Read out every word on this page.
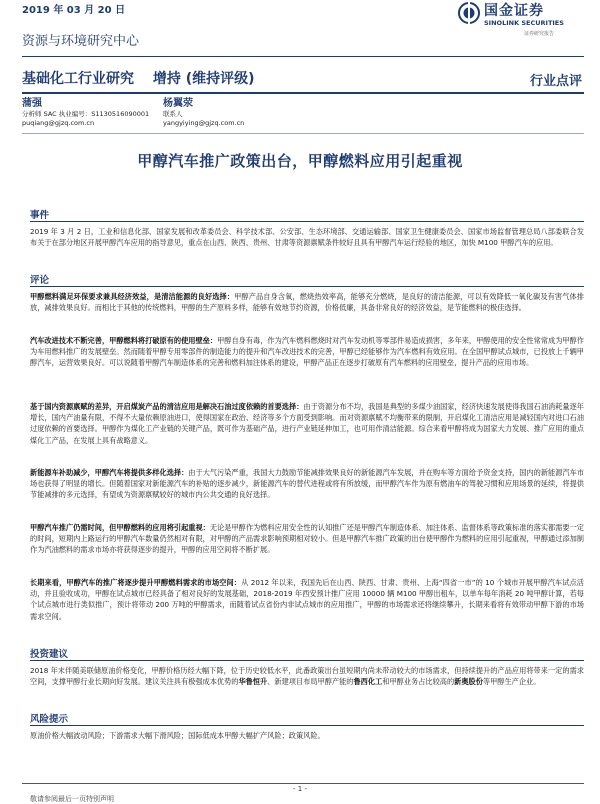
2019 年 03 月 20 日
资源与环境研究中心
国金证券
SINOLINK SECURITIES
证券研究报告
基础化工行业研究 增持 (维持评级)	行业点评
蒲强
分析师 SAC 执业编号：S1130516090001
puqiang@gjzq.com.cn
杨翼荥
联系人
yangyiying@gjzq.com.cn
甲醇汽车推广政策出台，甲醇燃料应用引起重视
事件
2019 年 3 月 2 日，工业和信息化部、国家发展和改革委员会、科学技术部、公安部、生态环境部、交通运输部、国家卫生健康委员会、国家市场监督管理总局八部委联合发布关于在部分地区开展甲醇汽车应用的指导意见，重点在山西、陕西、贵州、甘肃等资源禀赋条件较好且具有甲醇汽车运行经验的地区，加快 M100 甲醇汽车的应用。
评论
甲醇燃料满足环保要求兼具经济效益，是清洁能源的良好选择：甲醇产品自身含氧，燃烧热效率高，能够充分燃烧，是良好的清洁能源，可以有效降低一氧化碳及有害气体排放，减排效果良好。而相比于其他的传统燃料，甲醇的生产原料多样，能够有效地节约资源，价格低廉，具备非常良好的经济效益，是节能燃料的极佳选择。
汽车改进技术不断完善，甲醇燃料将打破原有的使用壁垒：甲醇自身有毒，作为汽车燃料燃烧时对汽车发动机等零部件易造成损害，多年来，甲醇使用的安全性常常成为甲醇作为车用燃料推广的发展壁垒。然而随着甲醇专用零部件的制造能力的提升和汽车改进技术的完善，甲醇已经能够作为汽车燃料有效应用。在全国甲醇试点城市，已投放上千辆甲醇汽车，运营效果良好。可以说随着甲醇汽车制造体系的完善和燃料加注体系的建设，甲醇产品正在逐步打破原有汽车燃料的应用壁垒，提升产品的应用市场。
基于国内资源禀赋的差异，开启煤炭产品的清洁应用是解决石油过度依赖的首要选择：由于资源分布不均，我国是典型的多煤少油国家，经济快速发展使得我国石油消耗量逐年增长，国内产油量有限，不得不大量依赖原油进口，使得国家在政治、经济等多个方面受到影响。而对资源禀赋不均衡带来的限制，开启煤化工清洁应用是减轻国内对进口石油过度依赖的首要选择。甲醇作为煤化工产业链的关键产品，既可作为基础产品，进行产业链延伸加工，也可用作清洁能源。综合来看甲醇将成为国家大力发展、推广应用的重点煤化工产品，在发展上具有战略意义。
新能源车补助减少，甲醇汽车将提供多样化选择：由于大气污染严重，我国大力鼓励节能减排效果良好的新能源汽车发展，并在购车等方面给予资金支持，国内的新能源汽车市场也获得了明显的增长。但随着国家对新能源汽车的补贴的逐步减少，新能源汽车的替代进程或将有所放缓，而甲醇汽车作为原有燃油车的驾驶习惯和应用场景的延续，将提供节能减排的多元选择，有望成为资源禀赋较好的城市内公共交通的良好选择。
甲醇汽车推广仍需时间，但甲醇燃料的应用将引起重视：无论是甲醇作为燃料应用安全性的认知推广还是甲醇汽车制造体系、加注体系、监督体系等政策标准的落实都需要一定的时间，短期内上路运行的甲醇汽车数量仍然相对有限，对甲醇的产品需求影响预期相对较小。但是甲醇汽车推广政策的出台使甲醇作为燃料的应用引起重视，甲醇通过添加制作为汽油燃料的需求市场亦将获得逐步的提升，甲醇的应用空间将不断扩展。
长期来看，甲醇汽车的推广将逐步提升甲醇燃料需求的市场空间：从 2012 年以来，我国先后在山西、陕西、甘肃、贵州、上海“四省一市”的 10 个城市开展甲醇汽车试点活动，并且验收成功，甲醇在试点城市已经具备了相对良好的发展基础，2018-2019 年西安预计推广应用 10000 辆 M100 甲醇出租车，以单车每年消耗 20 吨甲醇计算，若每个试点城市进行类似推广，预计将带动 200 万吨的甲醇需求，而随着试点省份内非试点城市的应用推广，甲醇的市场需求还将继续攀升，长期来看将有效带动甲醇下游的市场需求空间。
投资建议
2018 年末伴随美联储原油价格变化，甲醇价格历经大幅下降，位于历史较低水平，此番政策出台虽短期内尚未带动较大的市场需求，但持续提升的产品应用将带来一定的需求空间，支撑甲醇行业长期向好发展。建议关注具有极强成本优势的华鲁恒升、新建项目布局甲醇产能的鲁西化工和甲醇业务占比较高的新奥股份等甲醇生产企业。
风险提示
原油价格大幅波动风险；下游需求大幅下滑风险；国际低成本甲醇大幅扩产风险；政策风险。
- 1 -
敬请参阅最后一页特别声明
